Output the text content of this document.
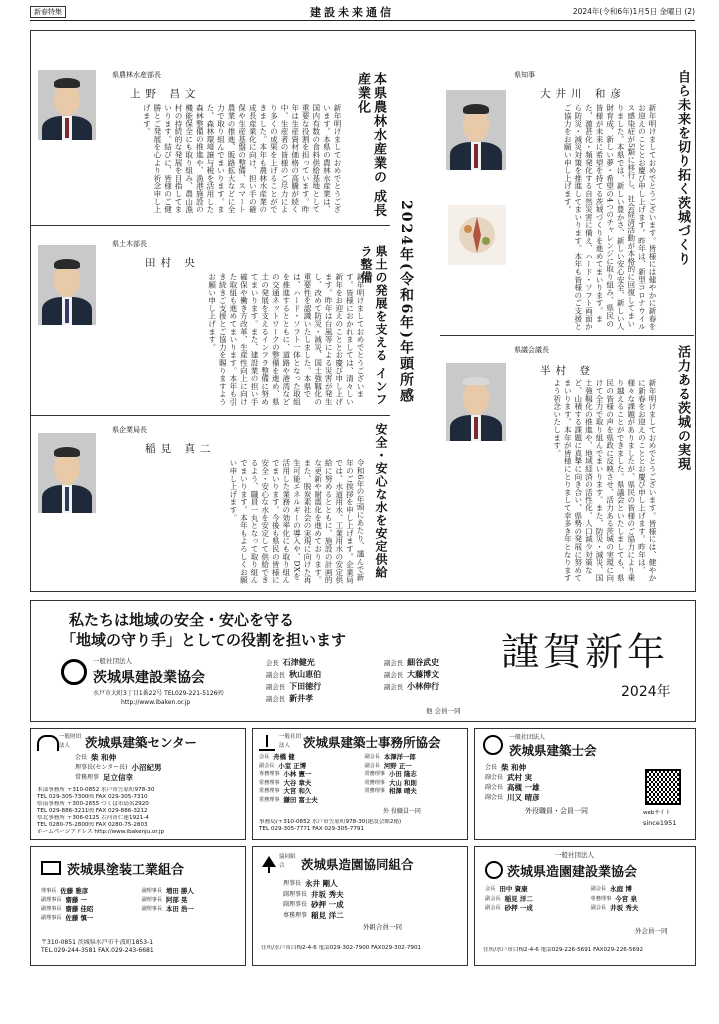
新春特集	建設未来通信	2024年(令和6年)1月5日 金曜日 (2)
2024年(令和6年)年頭所感
県農林水産部長
上野 昌文
新年明けましておめでとうございます。本県の農林水産業は、国内有数の食料供給基地として重要な役割を担っています。昨年は生産資材価格の高騰が続く中、生産者の皆様のご尽力により多くの成果を上げることができました。本年も農林水産業の成長産業化に向け、担い手の確保や生産基盤の整備、スマート農業の推進、販路拡大などに全力で取り組んでまいります。また、森林環境譲与税を活用した森林整備の推進や、漁港施設の機能保全にも取り組み、農山漁村の持続的な発展を目指してまいります。結びに、皆様のご健勝とご発展を心より祈念申し上げます。	本県農林水産業の 成長産業化
県土木部長
田村 央
新年明けましておめでとうございます。皆様におかれましては、清々しい新年をお迎えのこととお慶び申し上げます。昨年は台風等による災害が発生し、改めて防災・減災、国土強靱化の重要性を認識いたしました。本県では、ハード・ソフト一体となった取組を推進するとともに、道路や港湾などの交通ネットワークの整備を進め、県土の発展を支えるインフラ整備に努めてまいります。また、建設業の担い手確保や働き方改革、生産性向上に向けた取組も進めてまいります。本年も引き続きご支援とご協力を賜りますようお願い申し上げます。	県土の発展を支える インフラ整備
県企業局長
稲見 真二
令和6年の年頭にあたり、謹んで新年のご挨拶を申し上げます。企業局では、水道用水、工業用水の安定供給に努めるとともに、施設の計画的な更新や耐震化を進めております。また、脱炭素社会の実現に向けた再生可能エネルギーの導入や、DXを活用した業務の効率化にも取り組んでまいります。今後も県民の皆様に安全・安心な水を安定して供給できるよう、職員一丸となって取り組んでまいります。本年もよろしくお願い申し上げます。	安全・安心な水を安定供給
県知事
大井川 和彦
新年明けましておめでとうございます。皆様には健やかに新春をお迎えのこととお慶び申し上げます。昨年は、新型コロナウイルス感染症が5類に移行し、社会経済活動が本格的に回復してまいりました。本県では、新しい豊かさ、新しい安心安全、新しい人財育成、新しい夢・希望の4つのチャレンジに取り組み、県民の皆様が未来に希望を持てる茨城づくりを進めてまいります。また、激甚化・頻発化する自然災害に備え、ハード・ソフト両面から防災・減災対策を推進してまいります。本年も皆様のご支援とご協力をお願い申し上げます。	自ら未来を切り拓く茨城づくり
県議会議長
半村 登
新年明けましておめでとうございます。皆様には、健やかに新春をお迎えのこととお慶び申し上げます。昨年は、様々な課題がありましたが、県民の皆様のご協力により乗り越えることができました。県議会といたしましても、県民の皆様の声を県政に反映させ、活力ある茨城の実現に向けて全力で取り組んでまいります。また、防災・減災、国土強靱化の推進や、地域経済の活性化、人口減少対策など、山積する課題に真摯に向き合い、県勢の発展に努めてまいります。本年が皆様にとりまして幸多き年となりますよう祈念いたします。	活力ある茨城の実現
私たちは地域の安全・安心を守る
「地域の守り手」としての役割を担います
一般社団法人
茨城県建設業協会
水戸市大町3丁目1番22号 TEL029-221-5126㈹
http://www.ibaken.or.jp
会長 石津健光	副会長 細谷武史
副会長 秋山恵伯	副会長 大藤博文
副会長 下田徳行	副会長 小林伸行
副会長 新井孝
他 会員一同
謹賀新年
2024年
一般財団法人	茨城県建築センター
会長 柴 和伸
理事長(センター長) 小沼紀男
常務理事 足立信幸
本部事務所 〒310-0852 水戸市笠原町978-30
TEL 029-305-7300㈹ FAX 029-305-7310
県南事務所 〒300-2655 つくば市島名2920
TEL 029-886-3211㈹ FAX 029-886-3212
県北事務所 〒306-0125 古河市仁連1921-4
TEL 0280-75-2800㈹ FAX 0280-75-2803
ホームページアドレス http://www.ibakenju.or.jp
一般社団法人	茨城県建築士事務所協会
会長 舟橋 健	副会長 本澤洋一郎
副会長 小室 正博	副会長 河野 正一
専務理事 小林 憲一	常務理事 小田 隆志
常務理事 大谷 章夫	常務理事 大山 和則
常務理事 大宮 和久	常務理事 相澤 晴夫
常務理事 鎌田 富士夫
外 役職員一同
事務局/〒310-0852 水戸市笠原町978-30(建設会館2階)
TEL 029-305-7771 FAX 029-305-7791
一般社団法人
茨城県建築士会
会長 柴 和伸
副会長 武村 実
副会長 高槻 一雄
副会長 川又 晴彦
外役職員・会員一同	webサイト
since1951
茨城県塗装工業組合
理事長 佐藤 雅彦	副理事長 増田 勝人
副理事長 齋藤 一	副理事長 阿部 晃
副理事長 齋藤 佳昭	副理事長 本田 浩一
副理事長 佐藤 慎一
〒310-0851 茨城県水戸市千波町1853-1
TEL.029-244-3581 FAX.029-243-6681
協同組合	茨城県造園協同組合
理事長 永井 剛人
副理事長 井坂 秀夫
副理事長 砂押 一成
専務理事 稲見 洋二
外組合員一同
住所/水戸市白梅2-4-6 電話029-302-7900 FAX029-302-7901
一般社団法人
茨城県造園建設業協会
会長 田中 資康	副会長 永庭 博
副会長 稲見 洋二	専務理事 今宮 泉
副会長 砂押 一成	副会長 井坂 秀夫
外会員一同
住所/水戸市白梅2-4-6 電話029-226-5691 FAX029-226-5692
